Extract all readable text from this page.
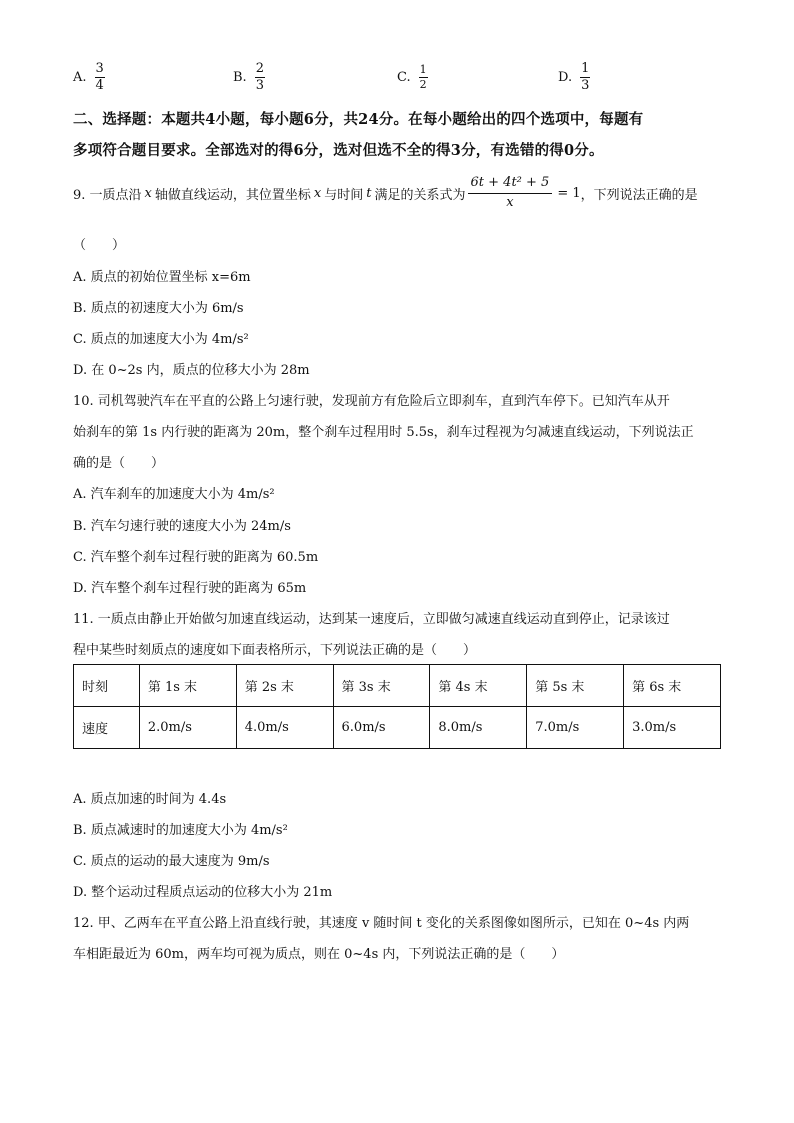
A. $\frac{3}{4}$	B. $\frac{2}{3}$	C. $\frac{1}{2}$	D. $\frac{1}{3}$
二、选择题：本题共4小题，每小题6分，共24分。在每小题给出的四个选项中，每题有
多项符合题目要求。全部选对的得6分，选对但选不全的得3分，有选错的得0分。
9. 一质点沿 x 轴做直线运动，其位置坐标 x 与时间 t 满足的关系式为 $\frac{\text{6t + 4t² + 5}}{x} = 1$ ，下列说法正确的是
（　　）
A. 质点的初始位置坐标 x=6m
B. 质点的初速度大小为 6m/s
C. 质点的加速度大小为 4m/s²
D. 在 0~2s 内，质点的位移大小为 28m
10. 司机驾驶汽车在平直的公路上匀速行驶，发现前方有危险后立即刹车，直到汽车停下。已知汽车从开
始刹车的第 1s 内行驶的距离为 20m，整个刹车过程用时 5.5s，刹车过程视为匀减速直线运动，下列说法正
确的是（　　）
A. 汽车刹车的加速度大小为 4m/s²
B. 汽车匀速行驶的速度大小为 24m/s
C. 汽车整个刹车过程行驶的距离为 60.5m
D. 汽车整个刹车过程行驶的距离为 65m
11. 一质点由静止开始做匀加速直线运动，达到某一速度后，立即做匀减速直线运动直到停止，记录该过
程中某些时刻质点的速度如下面表格所示，下列说法正确的是（　　）
时刻	第 1s 末	第 2s 末	第 3s 末	第 4s 末	第 5s 末	第 6s 末
速度	2.0m/s	4.0m/s	6.0m/s	8.0m/s	7.0m/s	3.0m/s
A. 质点加速的时间为 4.4s
B. 质点减速时的加速度大小为 4m/s²
C. 质点的运动的最大速度为 9m/s
D. 整个运动过程质点运动的位移大小为 21m
12. 甲、乙两车在平直公路上沿直线行驶，其速度 v 随时间 t 变化的关系图像如图所示，已知在 0~4s 内两
车相距最近为 60m，两车均可视为质点，则在 0~4s 内，下列说法正确的是（　　）
